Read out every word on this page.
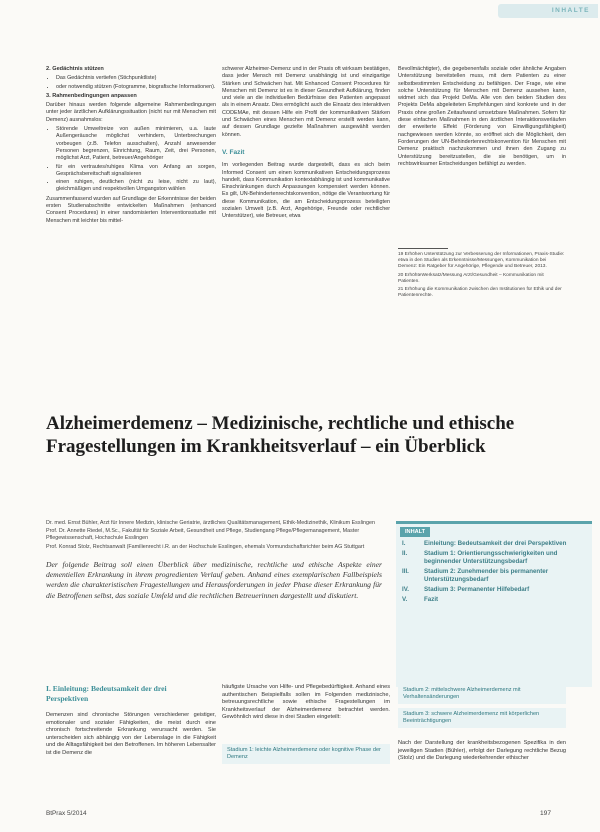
INHALTE
2. Gedächtnis stützen
• Das Gedächtnis vertiefen (Stichpunktliste)
• oder notwendig stützen (Fotogramme, biografische Informationen).
3. Rahmenbedingungen anpassen

Darüber hinaus werden folgende allgemeine Rahmenbedingungen unter jeder ärztlichen Aufklärungssituation (nicht nur mit Menschen mit Demenz) ausnahmslos:

• Störende Umweltreize von außen minimieren, u.a. laute Außengeräusche möglichst verhindern, Unterbrechungen vorbeugen (z.B. Telefon ausschalten), Anzahl anwesender Personen begrenzen, Einrichtung, Raum, Zeit, drei Personen, möglichst Arzt, Patient, betreuer/Angehöriger
• für ein vertrautes/ruhiges Klima von Anfang an sorgen, Gesprächsbereitschaft signalisieren
• einen ruhigen, deutlichen (nicht zu leise, nicht zu laut), gleichmäßigen und respektvollen Umgangston wählen

Zusammenfassend wurden auf Grundlage der Erkenntnisse der beiden ersten Studienabschnitte entwickelten Maßnahmen (enhanced Consent Procedures) in einer randomisierten Interventionsstudie mit Menschen mit leichter bis mittel-

schwerer Alzheimer-Demenz und in der Praxis oft wirksam bestätigen, dass jeder Mensch mit Demenz unabhängig ist und einzigartige Stärken und Schwächen hat. Mit Enhanced Consent Procedures für Menschen mit Demenz ist es in dieser Gesundheit Aufklärung, finden und viele an die individuellen Bedürfnisse des Patienten angepasst als in einem Ansatz. Dies ermöglicht auch die Einsatz des interaktiven CODEMAe, mit dessen Hilfe ein Profil der kommunikativen Stärken und Schwächen eines Menschen mit Demenz erstellt werden kann, auf dessen Grundlage gezielte Maßnahmen ausgewählt werden können.

V. Fazit

Im vorliegenden Beitrag wurde dargestellt, dass es sich beim Informed Consent um einen kommunikativen Entscheidungsprozess handelt, dass Kommunikation kontextabhängig ist und kommunikative Einschränkungen durch Anpassungen kompensiert werden können. Es gilt, UN-Behindertenrechtskonvention, nötige die Verantwortung für diese Kommunikation, die am Entscheidungsprozess beteiligten sozialen Umwelt (z.B. Arzt, Angehörige, Freunde oder rechtlicher Unterstützer), wie Betreuer, etwa

Bevollmächtigter), die gegebenenfalls soziale oder ähnliche Angaben Unterstützung bereitstellen muss, mit dem Patienten zu einer selbstbestimmten Entscheidung zu befähigen. Der Frage, wie eine solche Unterstützung für Menschen mit Demenz aussehen kann, widmet sich das Projekt DeMa. Alle von den beiden Studien des Projekts DeMa abgeleiteten Empfehlungen sind konkrete und in der Praxis ohne großen Zeitaufwand umsetzbare Maßnahmen. Sofern für diese einfachen Maßnahmen in den ärztlichen Interaktionsverläufen der erweiterte Effekt (Förderung von Einwilligungsfähigkeit) nachgewiesen werden könnte, so eröffnet sich die Möglichkeit, den Forderungen der UN-Behindertenrechtskonvention für Menschen mit Demenz praktisch nachzukommen und ihnen den Zugang zu Unterstützung bereitzustellen, die sie benötigen, um in rechtswirksamer Entscheidungen befähigt zu werden.

19 Erhöhen Unterstützung zur Verbesserung der Informationen, Praxis-Studie: etwa in den Studien als Erkenntnisse/Messungen, Kommunikation bei Demenz: Ein Ratgeber für Angehörige, Pflegende und Betreuer, 2013.
20 ErhöhteWerksatz/Messung Arzt/Gesundheit – Kommunikation mit Patienten.
21 Erhöhung die Kommunikation zwischen den Institutionen für Ethik und der Patientenrechte.
Alzheimerdemenz – Medizinische, rechtliche und ethische Fragestellungen im Krankheitsverlauf – ein Überblick
Dr. med. Ernst Bühler, Arzt für Innere Medizin, klinische Geriatrie, ärztliches Qualitätsmanagement, Ethik-Medizinethik, Klinikum Esslingen
Prof. Dr. Annette Riedel, M.Sc., Fakultät für Soziale Arbeit, Gesundheit und Pflege, Studiengang Pflege/Pflegemanagement, Master Pflegewissenschaft, Hochschule Esslingen
Prof. Konrad Stolz, Rechtsanwalt (Familienrecht i.R. an der Hochschule Esslingen, ehemals Vormundschaftsrichter beim AG Stuttgart
Der folgende Beitrag soll einen Überblick über medizinische, rechtliche und ethische Aspekte einer dementiellen Erkrankung in ihrem progredienten Verlauf geben. Anhand eines exemplarischen Fallbeispiels werden die charakteristischen Fragestellungen und Herausforderungen in jeder Phase dieser Erkrankung für die Betroffenen selbst, das soziale Umfeld und die rechtlichen Betreuerinnen dargestellt und diskutiert.
INHALT
I.	Einleitung: Bedeutsamkeit der drei Perspektiven
II.	Stadium 1: Orientierungsschwierigkeiten und beginnender Unterstützungsbedarf
III.	Stadium 2: Zunehmender bis permanenter Unterstützungsbedarf
IV.	Stadium 3: Permanenter Hilfebedarf
V.	Fazit
I. Einleitung: Bedeutsamkeit der drei Perspektiven
Demenzen sind chronische Störungen verschiedener geistiger, emotionaler und sozialer Fähigkeiten, die meist durch eine chronisch fortschreitende Erkrankung verursacht werden. Sie unterscheiden sich abhängig von der Lebenslage in die Fähigkeit und die Alltagsfähigkeit bei den Betroffenen. Im höheren Lebensalter ist die Demenz die
häufigste Ursache von Hilfe- und Pflegebedürftigkeit. Anhand eines authentischen Beispielfalls sollen im Folgenden medizinische, betreuungsrechtliche sowie ethische Fragestellungen im Krankheitsverlauf der Alzheimerdemenz betrachtet werden. Gewöhnlich wird diese in drei Stadien eingeteilt:
Stadium 1: leichte Alzheimerdemenz oder kognitive Phase der Demenz
Stadium 2: mittelschwere Alzheimerdemenz mit Verhaltensänderungen
Stadium 3: schwere Alzheimerdemenz mit körperlichen Beeinträchtigungen
Nach der Darstellung der krankheitsbezogenen Spezifika in den jeweiligen Stadien (Bühler), erfolgt der Darlegung rechtliche Bezug (Stolz) und die Darlegung wiederkehrender ethischer
BtPrax 5/2014	197
